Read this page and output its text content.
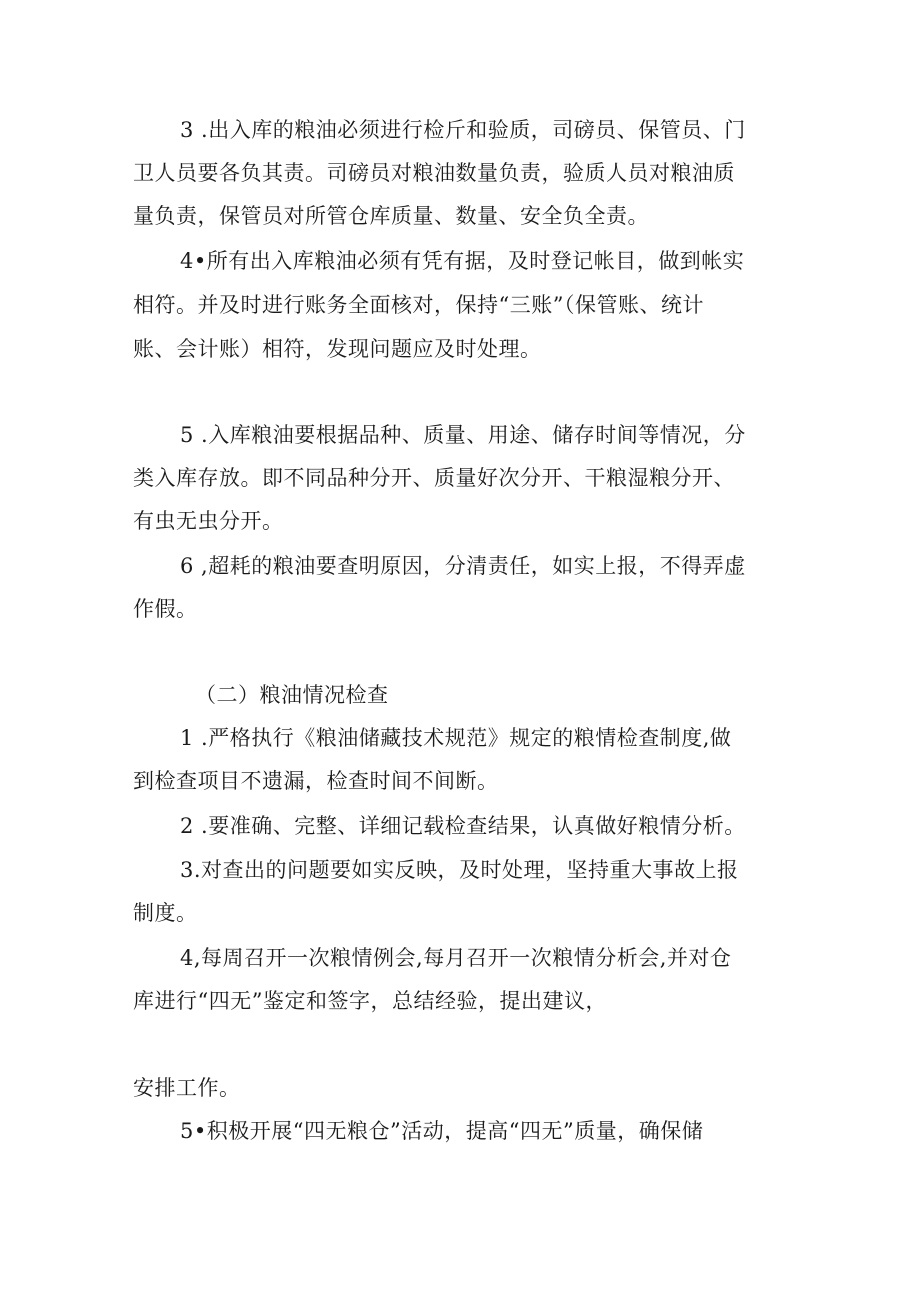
3 .出入库的粮油必须进行检斤和验质，司磅员、保管员、门
卫人员要各负其责。司磅员对粮油数量负责，验质人员对粮油质
量负责，保管员对所管仓库质量、数量、安全负全责。
4•所有出入库粮油必须有凭有据，及时登记帐目，做到帐实
相符。并及时进行账务全面核对，保持“三账”（保管账、统计
账、会计账）相符，发现问题应及时处理。
5 .入库粮油要根据品种、质量、用途、储存时间等情况，分
类入库存放。即不同品种分开、质量好次分开、干粮湿粮分开、
有虫无虫分开。
6 ,超耗的粮油要查明原因，分清责任，如实上报，不得弄虚
作假。
（二）粮油情况检查
1 .严格执行《粮油储藏技术规范》规定的粮情检查制度,做
到检查项目不遗漏，检查时间不间断。
2 .要准确、完整、详细记载检查结果，认真做好粮情分析。
3.对查出的问题要如实反映，及时处理，坚持重大事故上报
制度。
4,每周召开一次粮情例会,每月召开一次粮情分析会,并对仓
库进行“四无”鉴定和签字，总结经验，提出建议，
安排工作。
5•积极开展“四无粮仓”活动，提高“四无”质量，确保储
